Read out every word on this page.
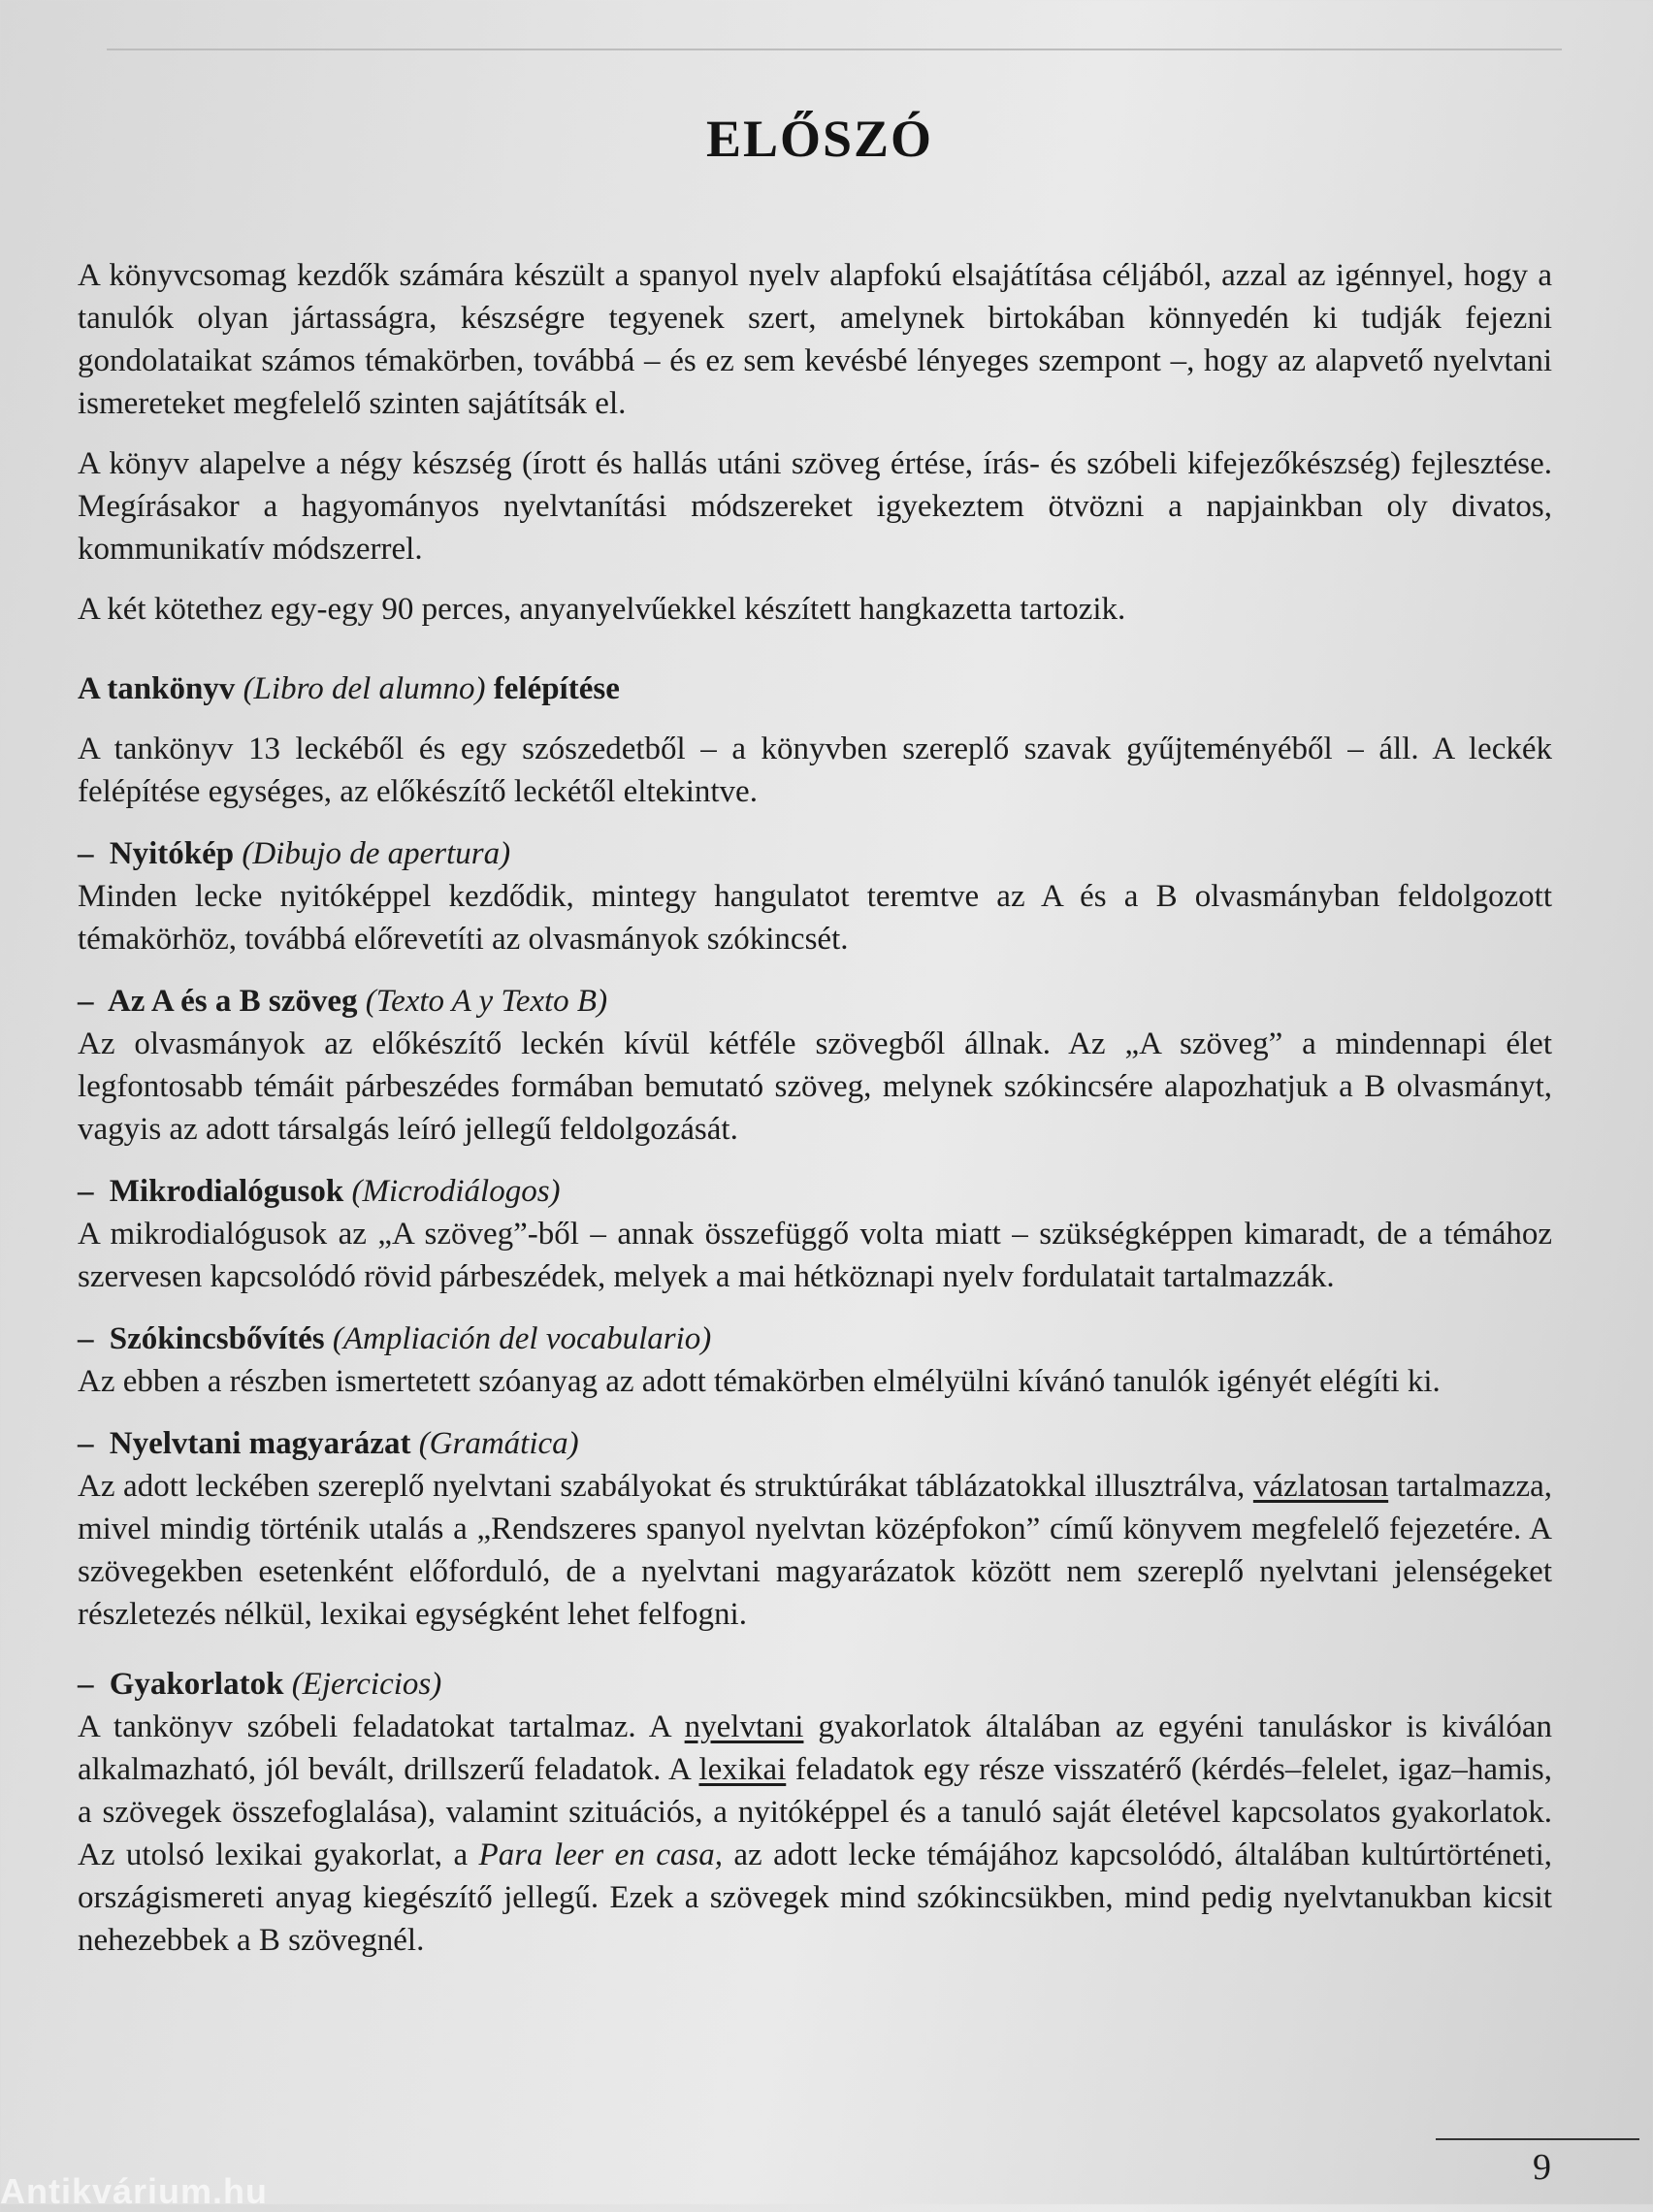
ELŐSZÓ

A könyvcsomag kezdők számára készült a spanyol nyelv alapfokú elsajátítása céljából, azzal az igénnyel, hogy a tanulók olyan jártasságra, készségre tegyenek szert, amelynek birtokában könnyedén ki tudják fejezni gondolataikat számos témakörben, továbbá – és ez sem kevésbé lényeges szempont –, hogy az alapvető nyelvtani ismereteket megfelelő szinten sajátítsák el.

A könyv alapelve a négy készség (írott és hallás utáni szöveg értése, írás- és szóbeli kifejezőkészség) fejlesztése. Megírásakor a hagyományos nyelvtanítási módszereket igyekeztem ötvözni a napjainkban oly divatos, kommunikatív módszerrel.

A két kötethez egy-egy 90 perces, anyanyelvűekkel készített hangkazetta tartozik.

A tankönyv (Libro del alumno) felépítése

A tankönyv 13 leckéből és egy szószedetből – a könyvben szereplő szavak gyűjteményéből – áll. A leckék felépítése egységes, az előkészítő leckétől eltekintve.

– Nyitókép (Dibujo de apertura)

Minden lecke nyitóképpel kezdődik, mintegy hangulatot teremtve az A és a B olvasmányban feldolgozott témakörhöz, továbbá előrevetíti az olvasmányok szókincsét.

– Az A és a B szöveg (Texto A y Texto B)

Az olvasmányok az előkészítő leckén kívül kétféle szövegből állnak. Az „A szöveg” a mindennapi élet legfontosabb témáit párbeszédes formában bemutató szöveg, melynek szókincsére alapozhatjuk a B olvasmányt, vagyis az adott társalgás leíró jellegű feldolgozását.

– Mikrodialógusok (Microdiálogos)

A mikrodialógusok az „A szöveg”-ből – annak összefüggő volta miatt – szükségképpen kimaradt, de a témához szervesen kapcsolódó rövid párbeszédek, melyek a mai hétköznapi nyelv fordulatait tartalmazzák.

– Szókincsbővítés (Ampliación del vocabulario)

Az ebben a részben ismertetett szóanyag az adott témakörben elmélyülni kívánó tanulók igényét elégíti ki.

– Nyelvtani magyarázat (Gramática)

Az adott leckében szereplő nyelvtani szabályokat és struktúrákat táblázatokkal illusztrálva, vázlatosan tartalmazza, mivel mindig történik utalás a „Rendszeres spanyol nyelvtan középfokon” című könyvem megfelelő fejezetére. A szövegekben esetenként előforduló, de a nyelvtani magyarázatok között nem szereplő nyelvtani jelenségeket részletezés nélkül, lexikai egységként lehet felfogni.

– Gyakorlatok (Ejercicios)

A tankönyv szóbeli feladatokat tartalmaz. A nyelvtani gyakorlatok általában az egyéni tanuláskor is kiválóan alkalmazható, jól bevált, drillszerű feladatok. A lexikai feladatok egy része visszatérő (kérdés–felelet, igaz–hamis, a szövegek összefoglalása), valamint szituációs, a nyitóképpel és a tanuló saját életével kapcsolatos gyakorlatok. Az utolsó lexikai gyakorlat, a Para leer en casa, az adott lecke témájához kapcsolódó, általában kultúrtörténeti, országismereti anyag kiegészítő jellegű. Ezek a szövegek mind szókincsükben, mind pedig nyelvtanukban kicsit nehezebbek a B szövegnél.

9
Antikvárium.hu
